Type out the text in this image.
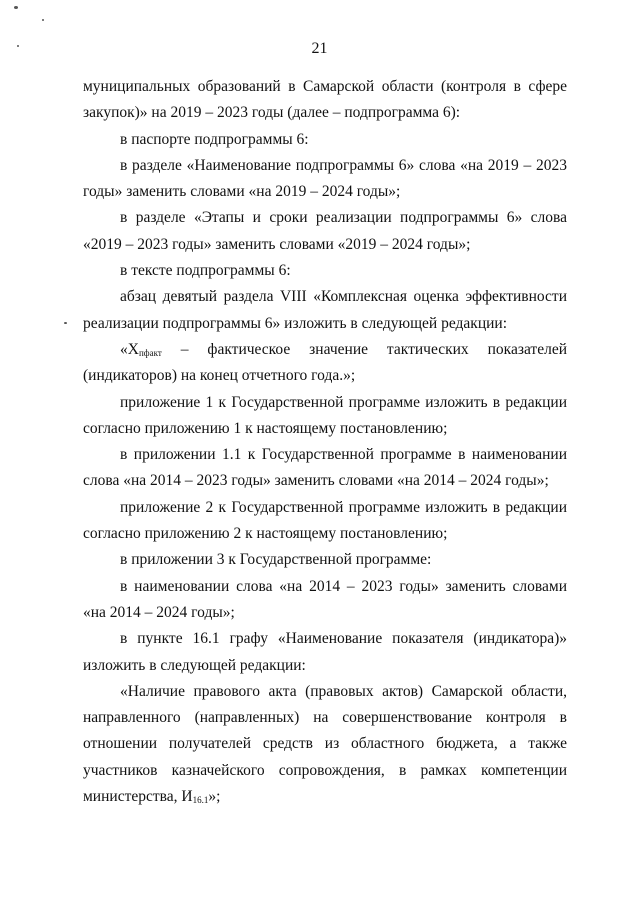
21

муниципальных образований в Самарской области (контроля в сфере закупок)» на 2019 – 2023 годы (далее – подпрограмма 6):

в паспорте подпрограммы 6:

в разделе «Наименование подпрограммы 6» слова «на 2019 – 2023 годы» заменить словами «на 2019 – 2024 годы»;

в разделе «Этапы и сроки реализации подпрограммы 6» слова «2019 – 2023 годы» заменить словами «2019 – 2024 годы»;

в тексте подпрограммы 6:

абзац девятый раздела VIII «Комплексная оценка эффективности реализации подпрограммы 6» изложить в следующей редакции:

«$X_{пфакт}$ – фактическое значение тактических показателей (индикаторов) на конец отчетного года.»;

приложение 1 к Государственной программе изложить в редакции согласно приложению 1 к настоящему постановлению;

в приложении 1.1 к Государственной программе в наименовании слова «на 2014 – 2023 годы» заменить словами «на 2014 – 2024 годы»;

приложение 2 к Государственной программе изложить в редакции согласно приложению 2 к настоящему постановлению;

в приложении 3 к Государственной программе:

в наименовании слова «на 2014 – 2023 годы» заменить словами «на 2014 – 2024 годы»;

в пункте 16.1 графу «Наименование показателя (индикатора)» изложить в следующей редакции:

«Наличие правового акта (правовых актов) Самарской области, направленного (направленных) на совершенствование контроля в отношении получателей средств из областного бюджета, а также участников казначейского сопровождения, в рамках компетенции министерства, $И_{16.1}$»;
